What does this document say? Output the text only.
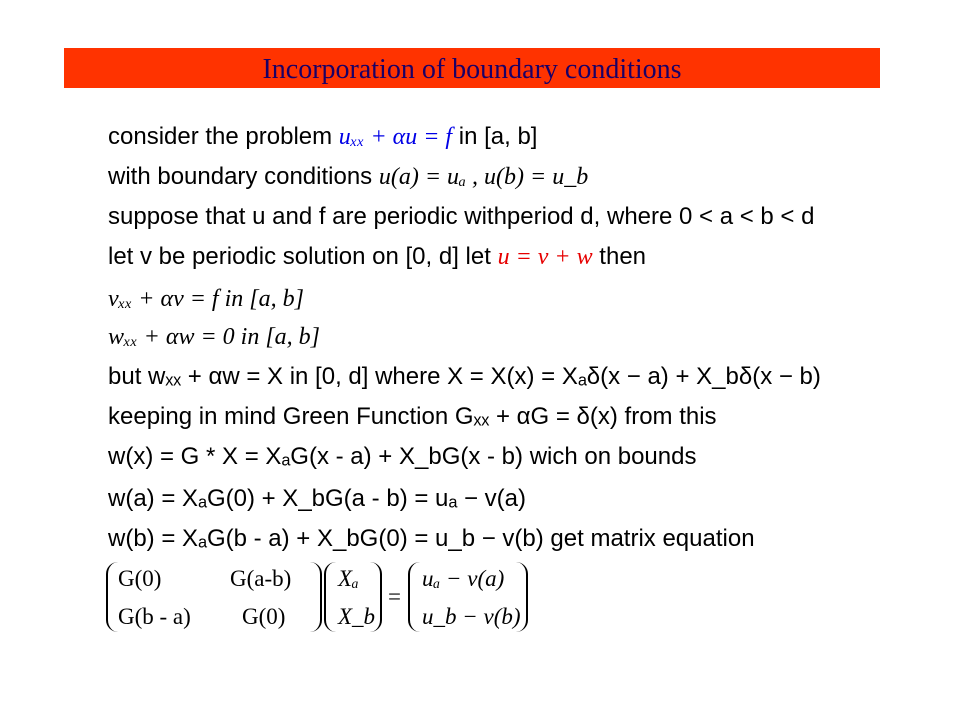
Incorporation of boundary conditions
consider the problem uₓₓ + αu = f in [a, b]
with boundary conditions u(a) = uₐ , u(b) = u_b
suppose that u and f are periodic withperiod d, where 0 < a < b < d
let v be periodic solution on [0, d] let u = v + w then
vₓₓ + αv = f in [a, b]
wₓₓ + αw = 0 in [a, b]
but wₓₓ + αw = X in [0, d] where X = X(x) = Xₐδ(x − a) + X_bδ(x − b)
keeping in mind Green Function Gₓₓ + αG = δ(x) from this
w(x) = G * X = XₐG(x - a) + X_bG(x - b) wich on bounds
w(a) = XₐG(0) + X_bG(a - b) = uₐ − v(a)
w(b) = XₐG(b - a) + X_bG(0) = u_b − v(b) get matrix equation
G(0)	G(a-b)
G(b - a) G(0)
Xₐ
X_b
=
uₐ − v(a)
u_b − v(b)
